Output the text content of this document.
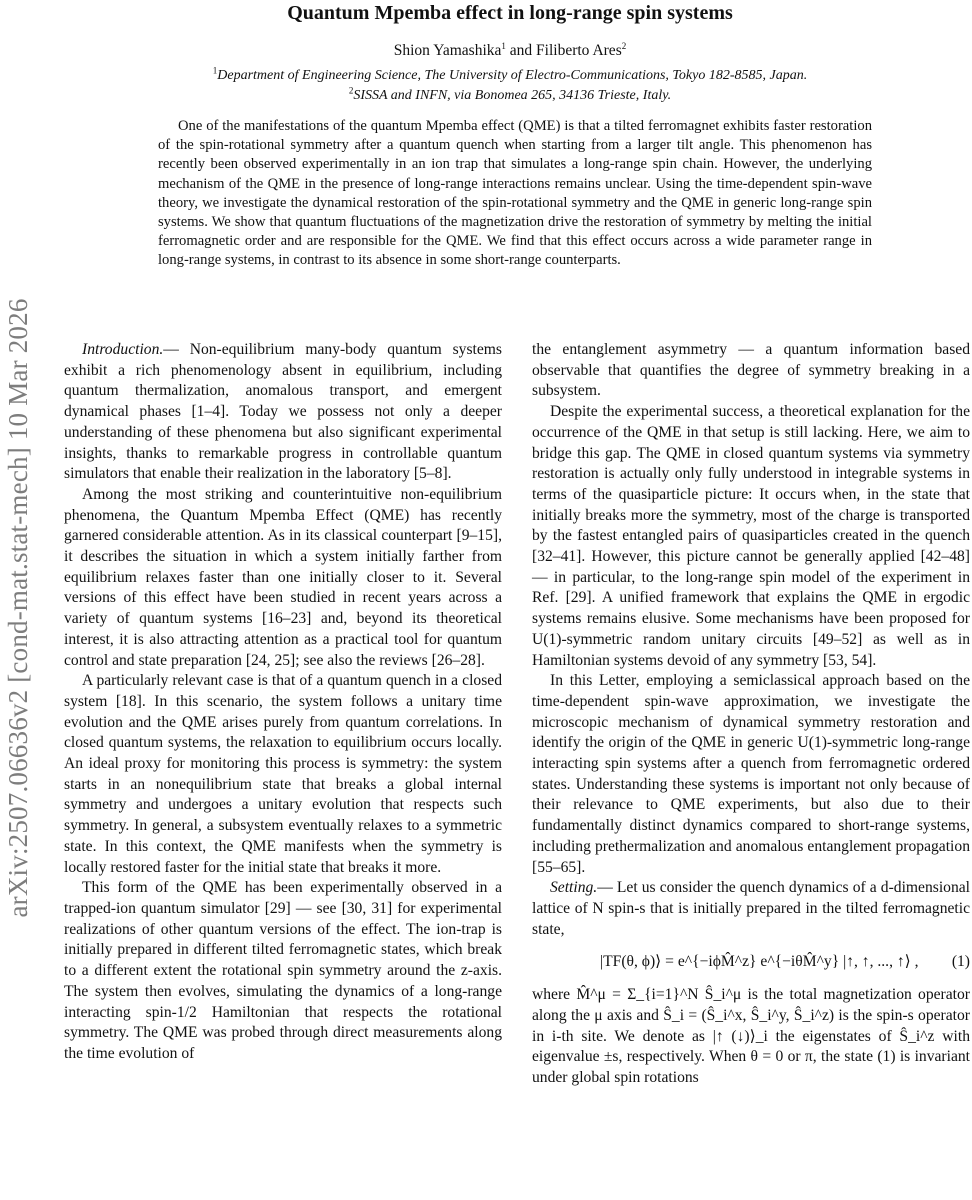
arXiv:2507.06636v2 [cond-mat.stat-mech] 10 Mar 2026
Quantum Mpemba effect in long-range spin systems
Shion Yamashika$^1$ and Filiberto Ares$^2$
$^1$Department of Engineering Science, The University of Electro-Communications, Tokyo 182-8585, Japan.
$^2$SISSA and INFN, via Bonomea 265, 34136 Trieste, Italy.
One of the manifestations of the quantum Mpemba effect (QME) is that a tilted ferromagnet exhibits faster restoration of the spin-rotational symmetry after a quantum quench when starting from a larger tilt angle. This phenomenon has recently been observed experimentally in an ion trap that simulates a long-range spin chain. However, the underlying mechanism of the QME in the presence of long-range interactions remains unclear. Using the time-dependent spin-wave theory, we investigate the dynamical restoration of the spin-rotational symmetry and the QME in generic long-range spin systems. We show that quantum fluctuations of the magnetization drive the restoration of symmetry by melting the initial ferromagnetic order and are responsible for the QME. We find that this effect occurs across a wide parameter range in long-range systems, in contrast to its absence in some short-range counterparts.

Introduction.— Non-equilibrium many-body quantum systems exhibit a rich phenomenology absent in equilibrium, including quantum thermalization, anomalous transport, and emergent dynamical phases [1–4]. Today we possess not only a deeper understanding of these phenomena but also significant experimental insights, thanks to remarkable progress in controllable quantum simulators that enable their realization in the laboratory [5–8].

Among the most striking and counterintuitive non-equilibrium phenomena, the Quantum Mpemba Effect (QME) has recently garnered considerable attention. As in its classical counterpart [9–15], it describes the situation in which a system initially farther from equilibrium relaxes faster than one initially closer to it. Several versions of this effect have been studied in recent years across a variety of quantum systems [16–23] and, beyond its theoretical interest, it is also attracting attention as a practical tool for quantum control and state preparation [24, 25]; see also the reviews [26–28].

A particularly relevant case is that of a quantum quench in a closed system [18]. In this scenario, the system follows a unitary time evolution and the QME arises purely from quantum correlations. In closed quantum systems, the relaxation to equilibrium occurs locally. An ideal proxy for monitoring this process is symmetry: the system starts in an nonequilibrium state that breaks a global internal symmetry and undergoes a unitary evolution that respects such symmetry. In general, a subsystem eventually relaxes to a symmetric state. In this context, the QME manifests when the symmetry is locally restored faster for the initial state that breaks it more.

This form of the QME has been experimentally observed in a trapped-ion quantum simulator [29] — see [30, 31] for experimental realizations of other quantum versions of the effect. The ion-trap is initially prepared in different tilted ferromagnetic states, which break to a different extent the rotational spin symmetry around the z-axis. The system then evolves, simulating the dynamics of a long-range interacting spin-1/2 Hamiltonian that respects the rotational symmetry. The QME was probed through direct measurements along the time evolution of

the entanglement asymmetry — a quantum information based observable that quantifies the degree of symmetry breaking in a subsystem.

Despite the experimental success, a theoretical explanation for the occurrence of the QME in that setup is still lacking. Here, we aim to bridge this gap. The QME in closed quantum systems via symmetry restoration is actually only fully understood in integrable systems in terms of the quasiparticle picture: It occurs when, in the state that initially breaks more the symmetry, most of the charge is transported by the fastest entangled pairs of quasiparticles created in the quench [32–41]. However, this picture cannot be generally applied [42–48] — in particular, to the long-range spin model of the experiment in Ref. [29]. A unified framework that explains the QME in ergodic systems remains elusive. Some mechanisms have been proposed for U(1)-symmetric random unitary circuits [49–52] as well as in Hamiltonian systems devoid of any symmetry [53, 54].

In this Letter, employing a semiclassical approach based on the time-dependent spin-wave approximation, we investigate the microscopic mechanism of dynamical symmetry restoration and identify the origin of the QME in generic U(1)-symmetric long-range interacting spin systems after a quench from ferromagnetic ordered states. Understanding these systems is important not only because of their relevance to QME experiments, but also due to their fundamentally distinct dynamics compared to short-range systems, including prethermalization and anomalous entanglement propagation [55–65].

Setting.— Let us consider the quench dynamics of a d-dimensional lattice of N spin-s that is initially prepared in the tilted ferromagnetic state,

|TF(θ, ϕ)⟩ = e^{−iϕM̂^z} e^{−iθM̂^y} |↑, ↑, ..., ↑⟩ , (1)

where M̂^μ = Σ_{i=1}^N Ŝ_i^μ is the total magnetization operator along the μ axis and Ŝ_i = (Ŝ_i^x, Ŝ_i^y, Ŝ_i^z) is the spin-s operator in i-th site. We denote as |↑ (↓)⟩_i the eigenstates of Ŝ_i^z with eigenvalue ±s, respectively. When θ = 0 or π, the state (1) is invariant under global spin rotations
